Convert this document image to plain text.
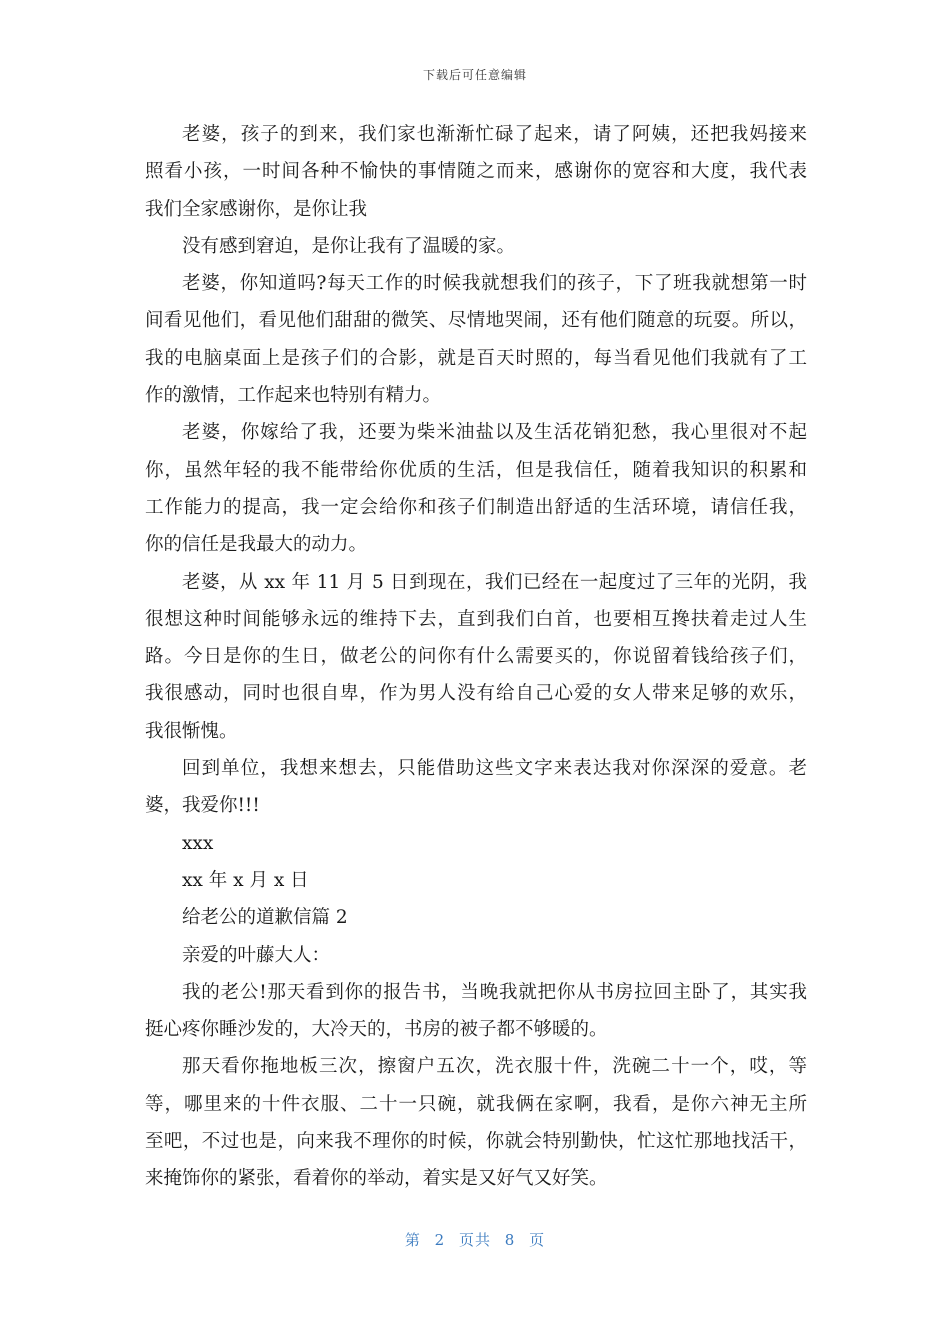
下载后可任意编辑
老婆，孩子的到来，我们家也渐渐忙碌了起来，请了阿姨，还把我妈接来
照看小孩，一时间各种不愉快的事情随之而来，感谢你的宽容和大度，我代表
我们全家感谢你，是你让我
没有感到窘迫，是你让我有了温暖的家。
老婆，你知道吗?每天工作的时候我就想我们的孩子，下了班我就想第一时
间看见他们，看见他们甜甜的微笑、尽情地哭闹，还有他们随意的玩耍。所以，
我的电脑桌面上是孩子们的合影，就是百天时照的，每当看见他们我就有了工
作的激情，工作起来也特别有精力。
老婆，你嫁给了我，还要为柴米油盐以及生活花销犯愁，我心里很对不起
你，虽然年轻的我不能带给你优质的生活，但是我信任，随着我知识的积累和
工作能力的提高，我一定会给你和孩子们制造出舒适的生活环境，请信任我，
你的信任是我最大的动力。
老婆，从 xx 年 11 月 5 日到现在，我们已经在一起度过了三年的光阴，我
很想这种时间能够永远的维持下去，直到我们白首，也要相互搀扶着走过人生
路。今日是你的生日，做老公的问你有什么需要买的，你说留着钱给孩子们，
我很感动，同时也很自卑，作为男人没有给自己心爱的女人带来足够的欢乐，
我很惭愧。
回到单位，我想来想去，只能借助这些文字来表达我对你深深的爱意。老
婆，我爱你!!!
xxx
xx 年 x 月 x 日
给老公的道歉信篇 2
亲爱的叶藤大人：
我的老公!那天看到你的报告书，当晚我就把你从书房拉回主卧了，其实我
挺心疼你睡沙发的，大冷天的，书房的被子都不够暖的。
那天看你拖地板三次，擦窗户五次，洗衣服十件，洗碗二十一个，哎，等
等，哪里来的十件衣服、二十一只碗，就我俩在家啊，我看，是你六神无主所
至吧，不过也是，向来我不理你的时候，你就会特别勤快，忙这忙那地找活干，
来掩饰你的紧张，看着你的举动，着实是又好气又好笑。
第 2 页共 8 页
